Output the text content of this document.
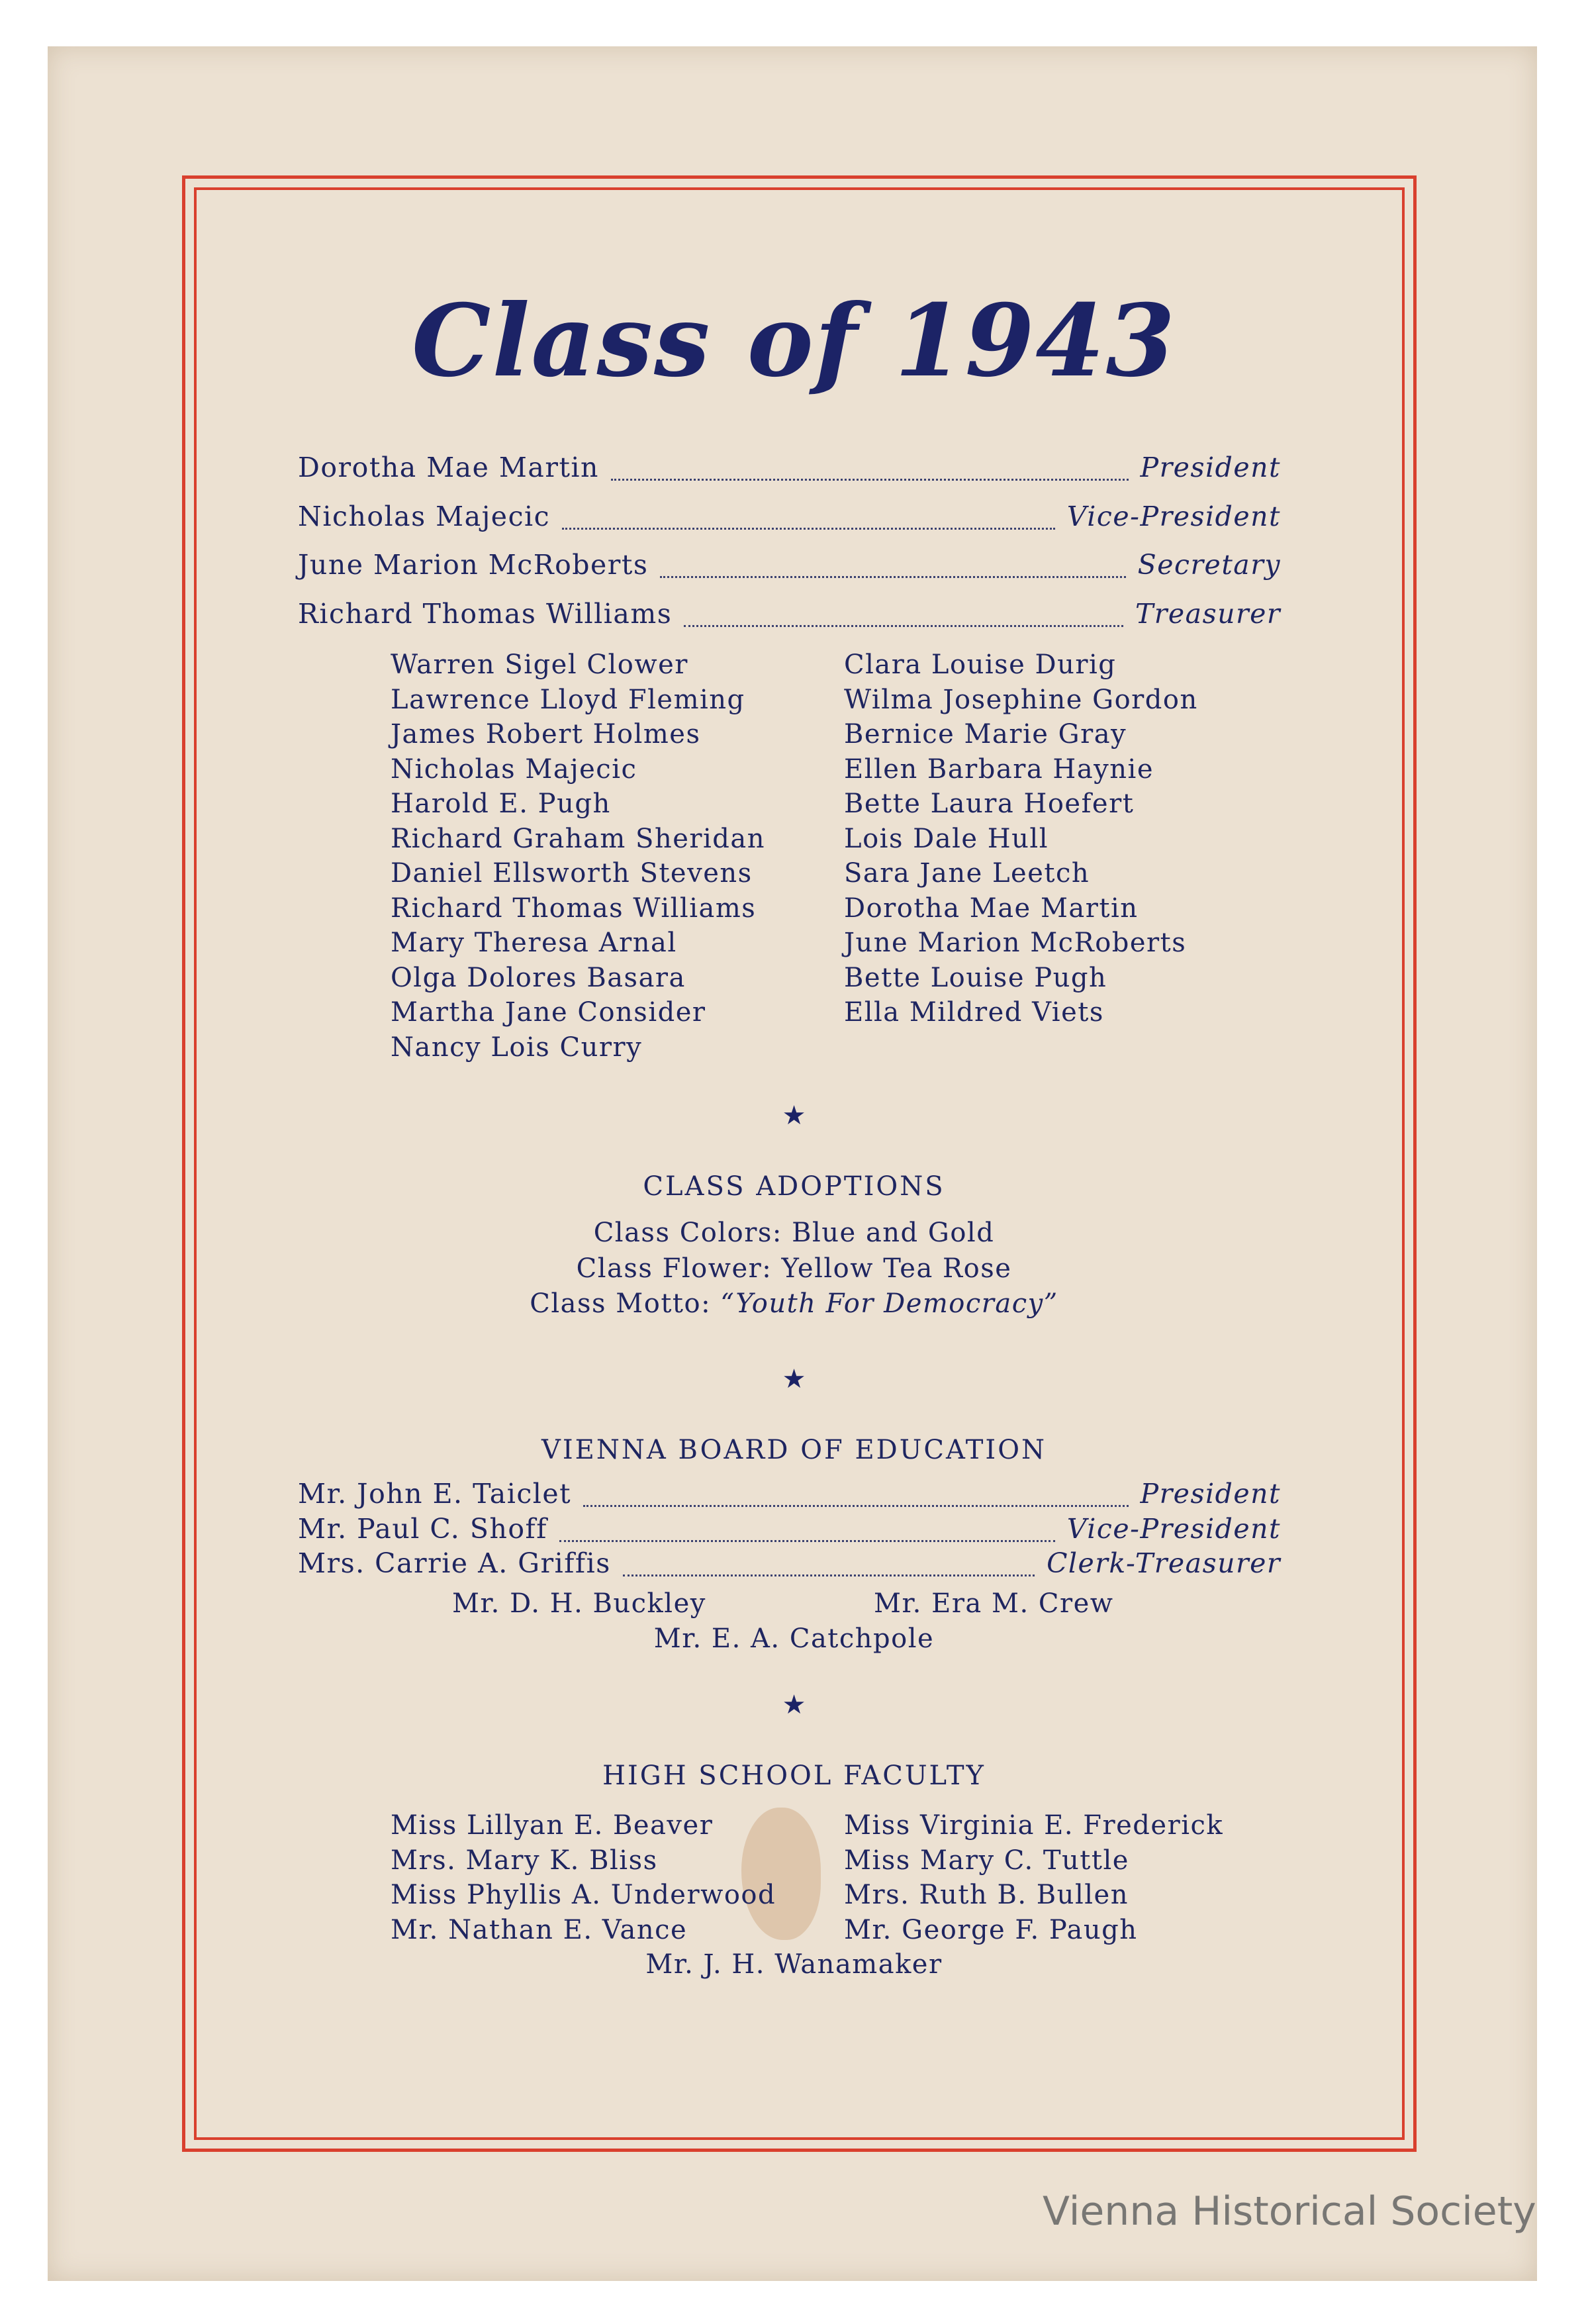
Class of 1943
Dorotha Mae Martin	President
Nicholas Majecic	Vice-President
June Marion McRoberts	Secretary
Richard Thomas Williams	Treasurer
Warren Sigel Clower
Lawrence Lloyd Fleming
James Robert Holmes
Nicholas Majecic
Harold E. Pugh
Richard Graham Sheridan
Daniel Ellsworth Stevens
Richard Thomas Williams
Mary Theresa Arnal
Olga Dolores Basara
Martha Jane Consider
Nancy Lois Curry
Clara Louise Durig
Wilma Josephine Gordon
Bernice Marie Gray
Ellen Barbara Haynie
Bette Laura Hoefert
Lois Dale Hull
Sara Jane Leetch
Dorotha Mae Martin
June Marion McRoberts
Bette Louise Pugh
Ella Mildred Viets
★
CLASS ADOPTIONS
Class Colors: Blue and Gold
Class Flower: Yellow Tea Rose
Class Motto: “Youth For Democracy”
★
VIENNA BOARD OF EDUCATION
Mr. John E. Taiclet	President
Mr. Paul C. Shoff	Vice-President
Mrs. Carrie A. Griffis	Clerk-Treasurer
Mr. D. H. Buckley	Mr. Era M. Crew
Mr. E. A. Catchpole
★
HIGH SCHOOL FACULTY
Miss Lillyan E. Beaver
Mrs. Mary K. Bliss
Miss Phyllis A. Underwood
Mr. Nathan E. Vance
Miss Virginia E. Frederick
Miss Mary C. Tuttle
Mrs. Ruth B. Bullen
Mr. George F. Paugh
Mr. J. H. Wanamaker
Vienna Historical Society
